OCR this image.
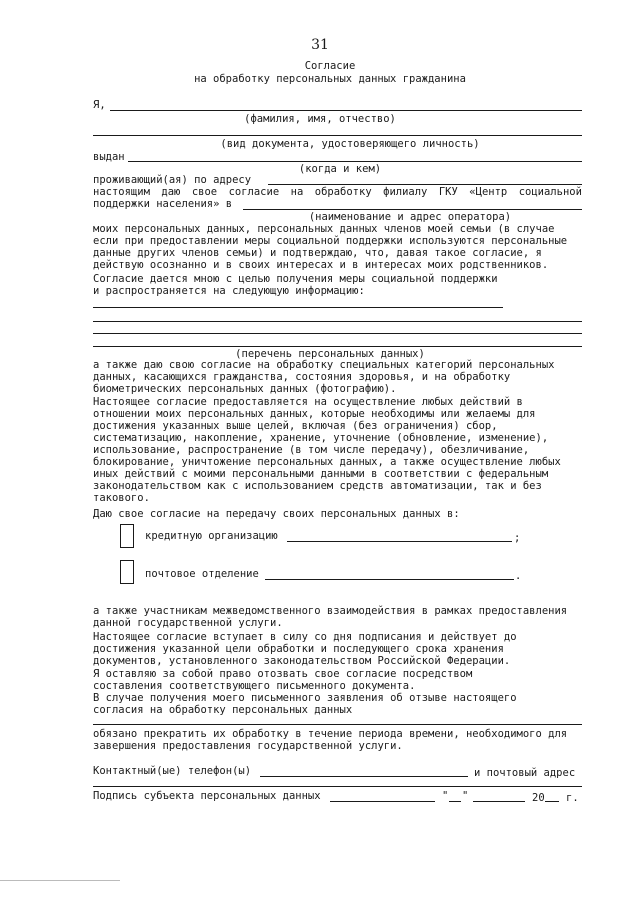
31
Согласие
на обработку персональных данных гражданина
Я,
(фамилия, имя, отчество)
(вид документа, удостоверяющего личность)
выдан
(когда и кем)
проживающий(ая) по адресу
настоящим даю свое согласие на обработку филиалу ГКУ «Центр социальной
поддержки населения» в
(наименование и адрес оператора)
моих персональных данных, персональных данных членов моей семьи (в случае
если при предоставлении меры социальной поддержки используются персональные
данные других членов семьи) и подтверждаю, что, давая такое согласие, я
действую осознанно и в своих интересах и в интересах моих родственников.
Согласие дается мною с целью получения меры социальной поддержки
и распространяется на следующую информацию:
(перечень персональных данных)
а также даю свою согласие на обработку специальных категорий персональных
данных, касающихся гражданства, состояния здоровья, и на обработку
биометрических персональных данных (фотографию).
Настоящее согласие предоставляется на осуществление любых действий в
отношении моих персональных данных, которые необходимы или желаемы для
достижения указанных выше целей, включая (без ограничения) сбор,
систематизацию, накопление, хранение, уточнение (обновление, изменение),
использование, распространение (в том числе передачу), обезличивание,
блокирование, уничтожение персональных данных, а также осуществление любых
иных действий с моими персональными данными в соответствии с федеральным
законодательством как с использованием средств автоматизации, так и без
такового.
Даю свое согласие на передачу своих персональных данных в:
кредитную организацию	;
почтовое отделение	.
а также участникам межведомственного взаимодействия в рамках предоставления
данной государственной услуги.
Настоящее согласие вступает в силу со дня подписания и действует до
достижения указанной цели обработки и последующего срока хранения
документов, установленного законодательством Российской Федерации.
Я оставляю за собой право отозвать свое согласие посредством
составления соответствующего письменного документа.
В случае получения моего письменного заявления об отзыве настоящего
согласия на обработку персональных данных
обязано прекратить их обработку в течение периода времени, необходимого для
завершения предоставления государственной услуги.
Контактный(ые) телефон(ы)	и почтовый адрес
Подпись субъекта персональных данных	" "	20 г.
